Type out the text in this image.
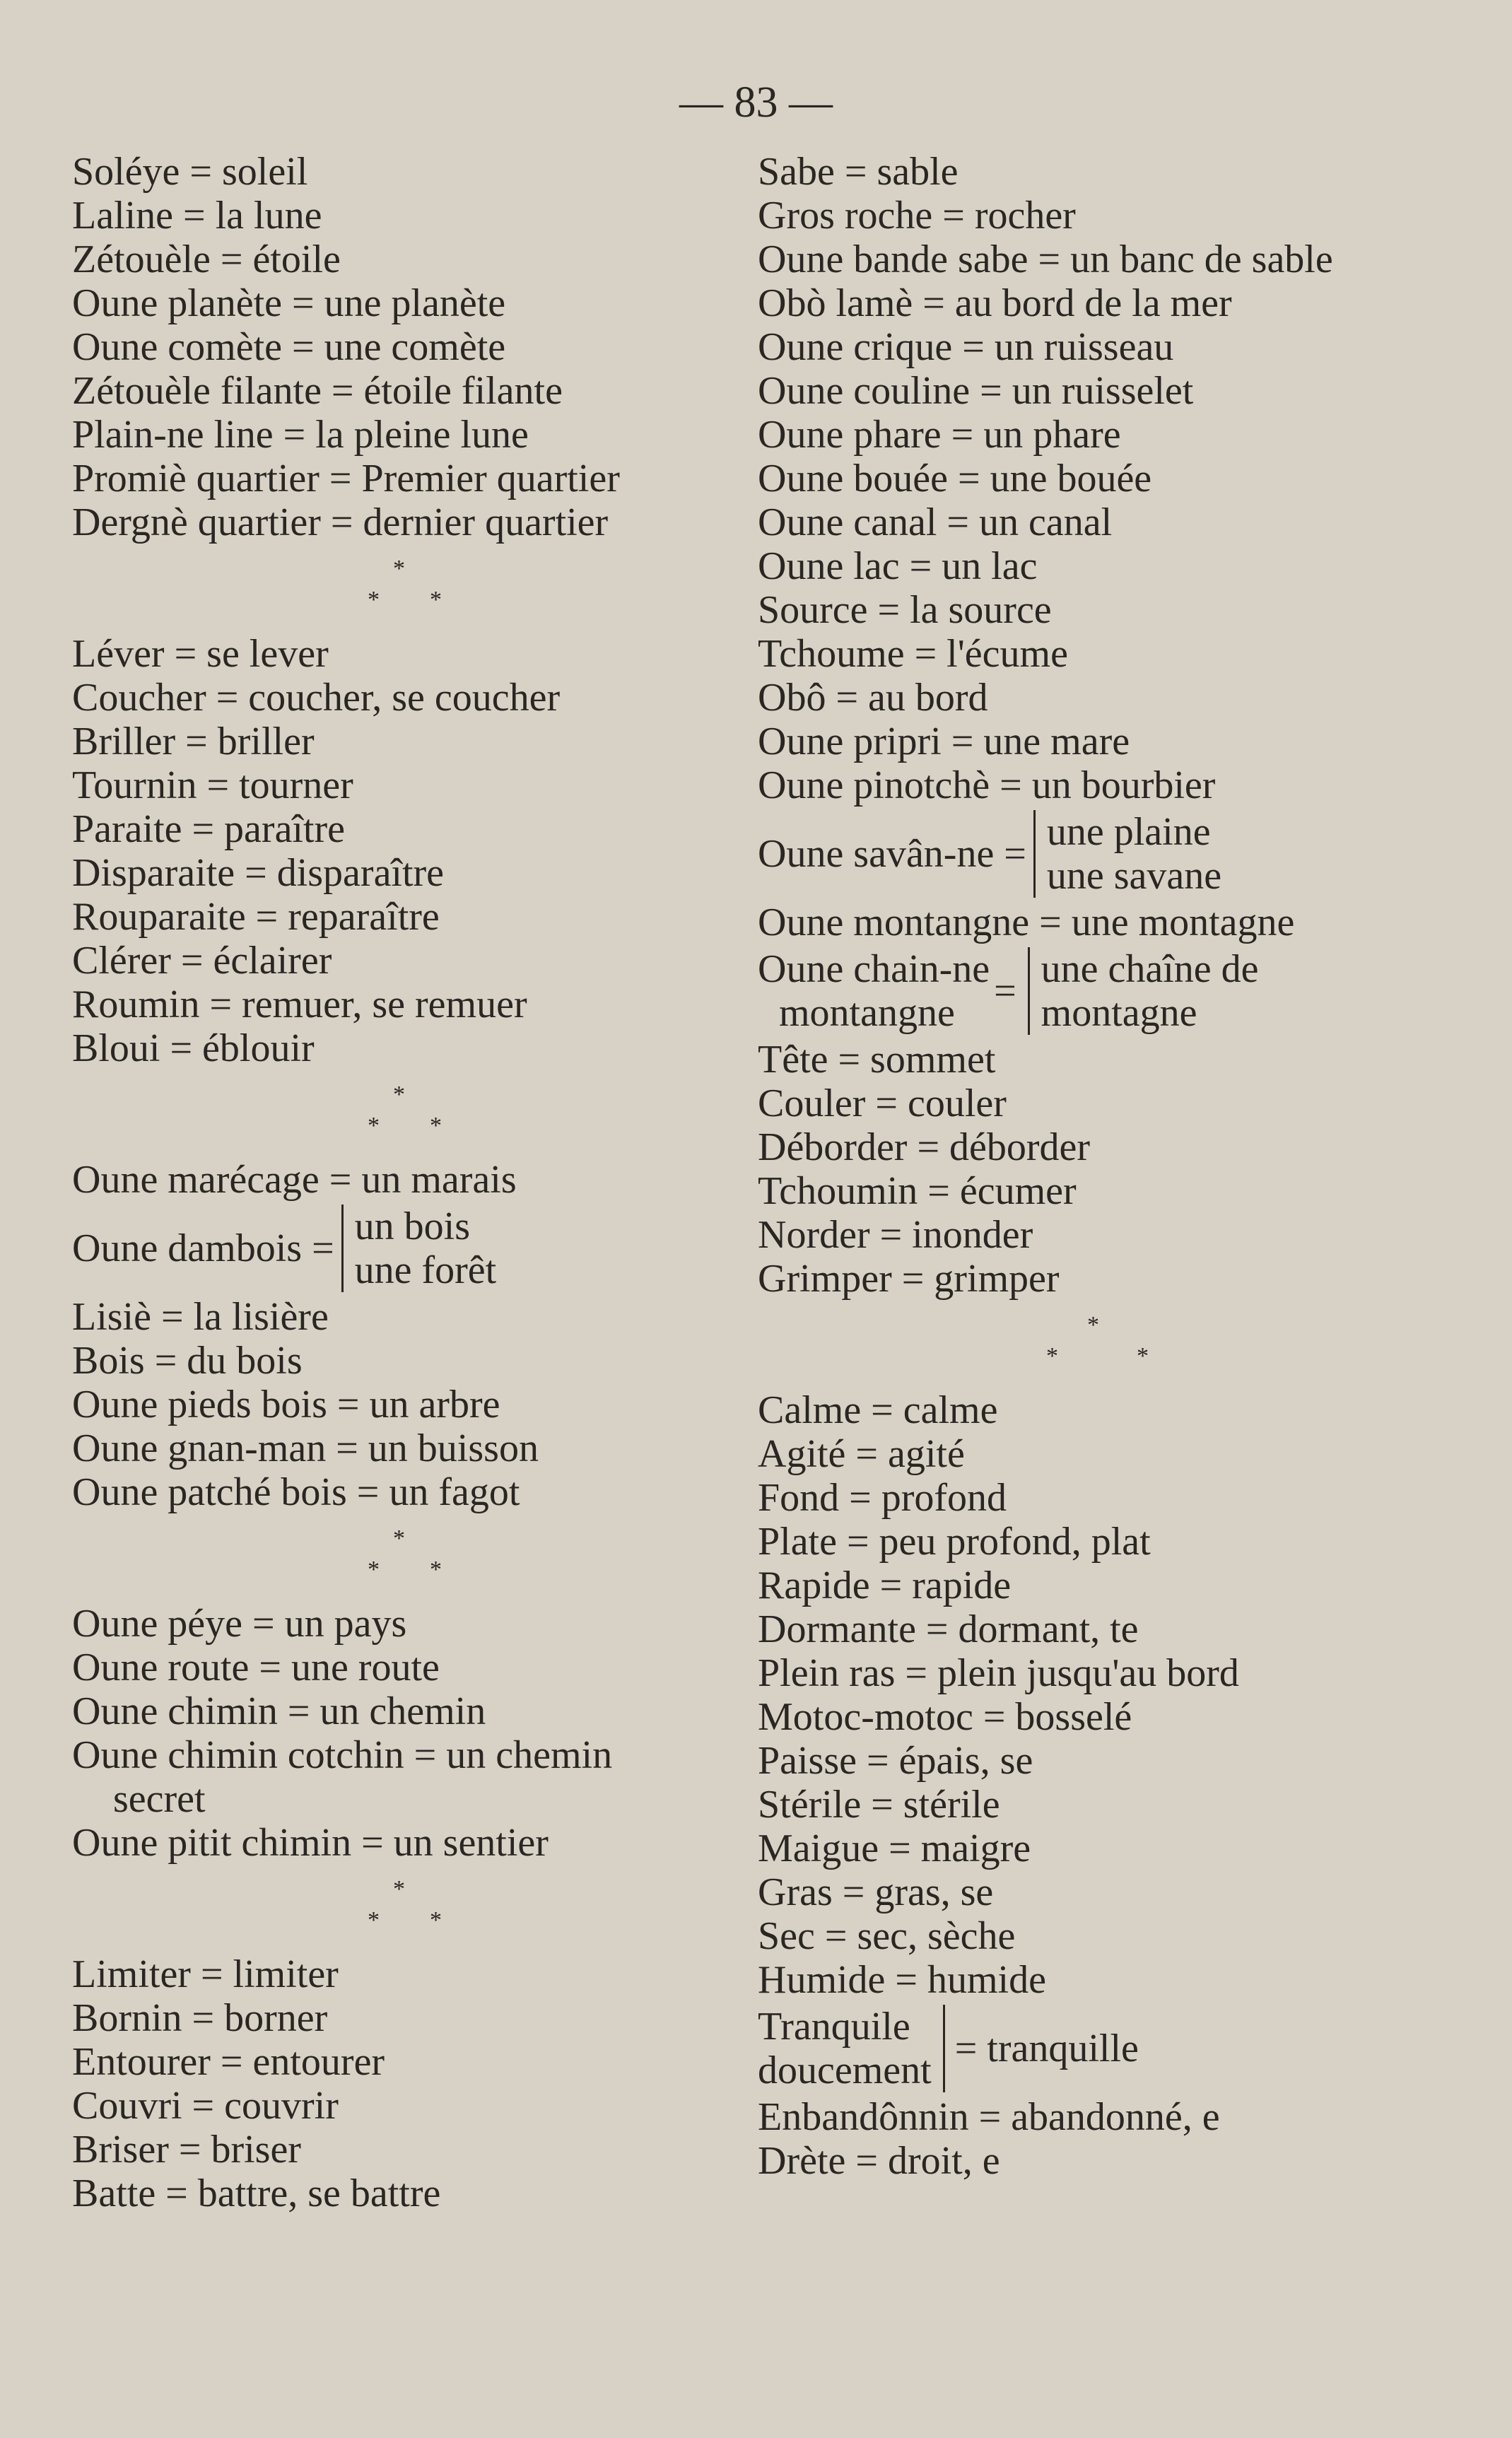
— 83 —
Soléye = soleil
Laline = la lune
Zétouèle = étoile
Oune planète = une planète
Oune comète = une comète
Zétouèle filante = étoile filante
Plain-ne line = la pleine lune
Promiè quartier = Premier quartier
Dergnè quartier = dernier quartier
*
* *
Léver = se lever
Coucher = coucher, se coucher
Briller = briller
Tournin = tourner
Paraite = paraître
Disparaite = disparaître
Rouparaite = reparaître
Clérer = éclairer
Roumin = remuer, se remuer
Bloui = éblouir
*
* *
Oune marécage = un marais
Oune dambois = un bois
une forêt
Lisiè = la lisière
Bois = du bois
Oune pieds bois = un arbre
Oune gnan-man = un buisson
Oune patché bois = un fagot
*
* *
Oune péye = un pays
Oune route = une route
Oune chimin = un chemin
Oune chimin cotchin = un chemin
secret
Oune pitit chimin = un sentier
*
* *
Limiter = limiter
Bornin = borner
Entourer = entourer
Couvri = couvrir
Briser = briser
Batte = battre, se battre
Sabe = sable
Gros roche = rocher
Oune bande sabe = un banc de sable
Obò lamè = au bord de la mer
Oune crique = un ruisseau
Oune couline = un ruisselet
Oune phare = un phare
Oune bouée = une bouée
Oune canal = un canal
Oune lac = un lac
Source = la source
Tchoume = l'écume
Obô = au bord
Oune pripri = une mare
Oune pinotchè = un bourbier
Oune savân-ne = une plaine
une savane
Oune montangne = une montagne
Oune chain-ne
montangne = une chaîne de
montagne
Tête = sommet
Couler = couler
Déborder = déborder
Tchoumin = écumer
Norder = inonder
Grimper = grimper
*
*	*
Calme = calme
Agité = agité
Fond = profond
Plate = peu profond, plat
Rapide = rapide
Dormante = dormant, te
Plein ras = plein jusqu'au bord
Motoc-motoc = bosselé
Paisse = épais, se
Stérile = stérile
Maigue = maigre
Gras = gras, se
Sec = sec, sèche
Humide = humide
Tranquile
doucement = tranquille
Enbandônnin = abandonné, e
Drète = droit, e
